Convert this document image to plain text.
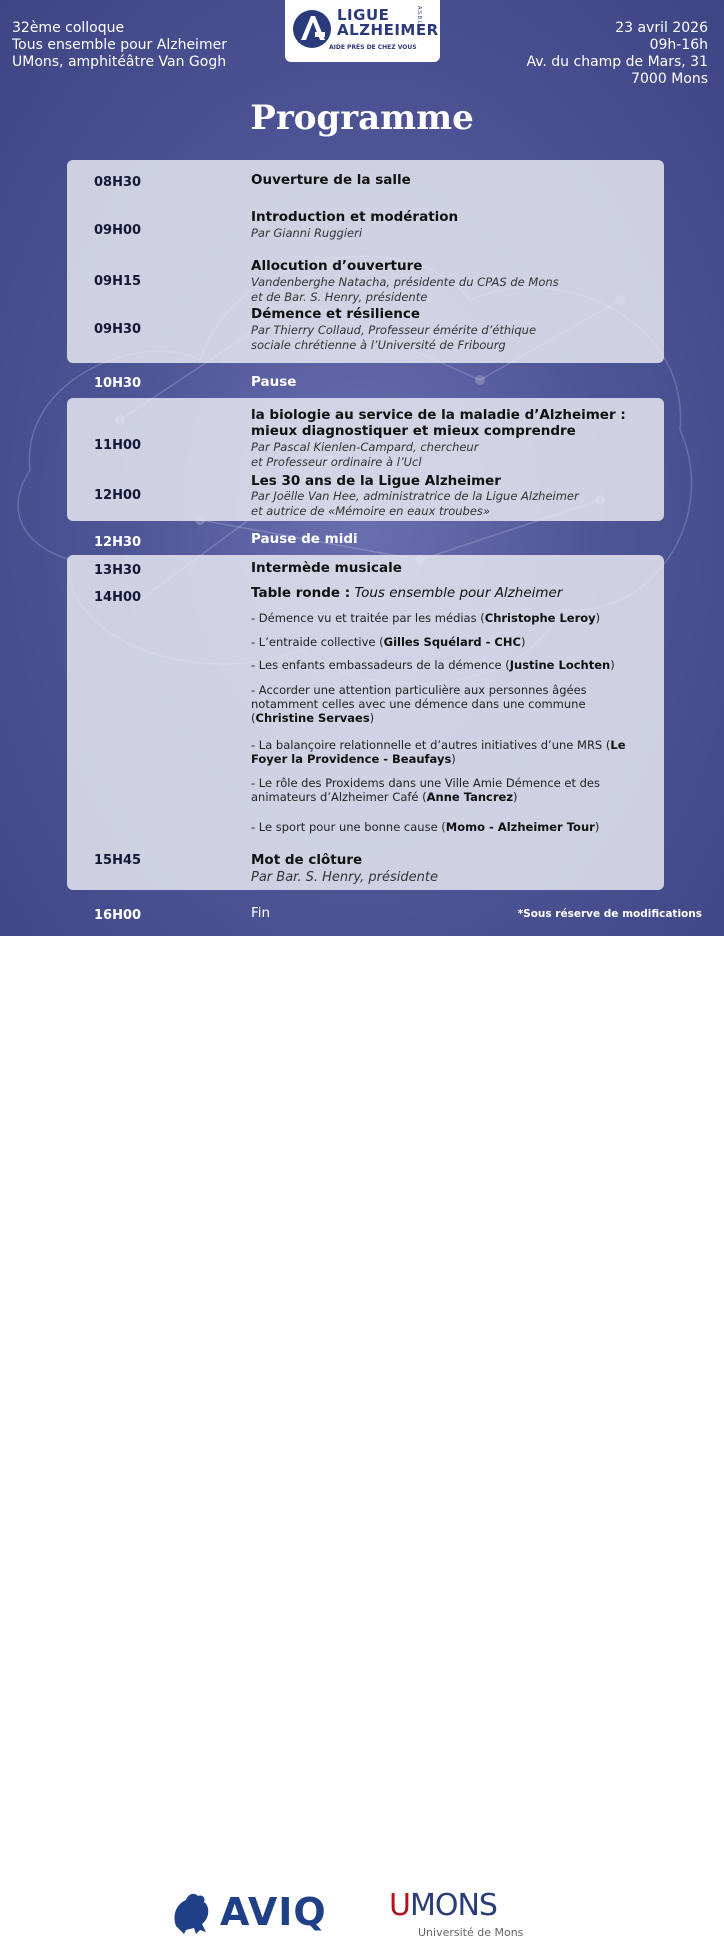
32ème colloque
Tous ensemble pour Alzheimer
UMons, amphitéâtre Van Gogh
23 avril 2026
09h-16h
Av. du champ de Mars, 31
7000 Mons
LIGUE
ALZHEIMER
A.S.B.L.
AIDE PRÈS DE CHEZ VOUS
Programme
08H30	Ouverture de la salle
09H00
Introduction et modération
Par Gianni Ruggieri
09H15
Allocution d’ouverture
Vandenberghe Natacha, présidente du CPAS de Mons
et de Bar. S. Henry, présidente
09H30
Démence et résilience
Par Thierry Collaud, Professeur émérite d’éthique
sociale chrétienne à l’Université de Fribourg
10H30	Pause
11H00
la biologie au service de la maladie d’Alzheimer : mieux diagnostiquer et mieux comprendre
Par Pascal Kienlen-Campard, chercheur
et Professeur ordinaire à l’Ucl
12H00
Les 30 ans de la Ligue Alzheimer
Par Joëlle Van Hee, administratrice de la Ligue Alzheimer
et autrice de «Mémoire en eaux troubes»
12H30	Pause de midi
13H30	Intermède musicale
14H00	Table ronde : Tous ensemble pour Alzheimer
- Démence vu et traitée par les médias (Christophe Leroy)
- L’entraide collective (Gilles Squélard - CHC)
- Les enfants embassadeurs de la démence (Justine Lochten)
- Accorder une attention particulière aux personnes âgées notamment celles avec une démence dans une commune (Christine Servaes)
- La balançoire relationnelle et d’autres initiatives d’une MRS (Le Foyer la Providence - Beaufays)
- Le rôle des Proxidems dans une Ville Amie Démence et des animateurs d’Alzheimer Café (Anne Tancrez)
- Le sport pour une bonne cause (Momo - Alzheimer Tour)
15H45	Mot de clôture
Par Bar. S. Henry, présidente
16H00	Fin	*Sous réserve de modifications
AVIQ UMONS
Université de Mons
